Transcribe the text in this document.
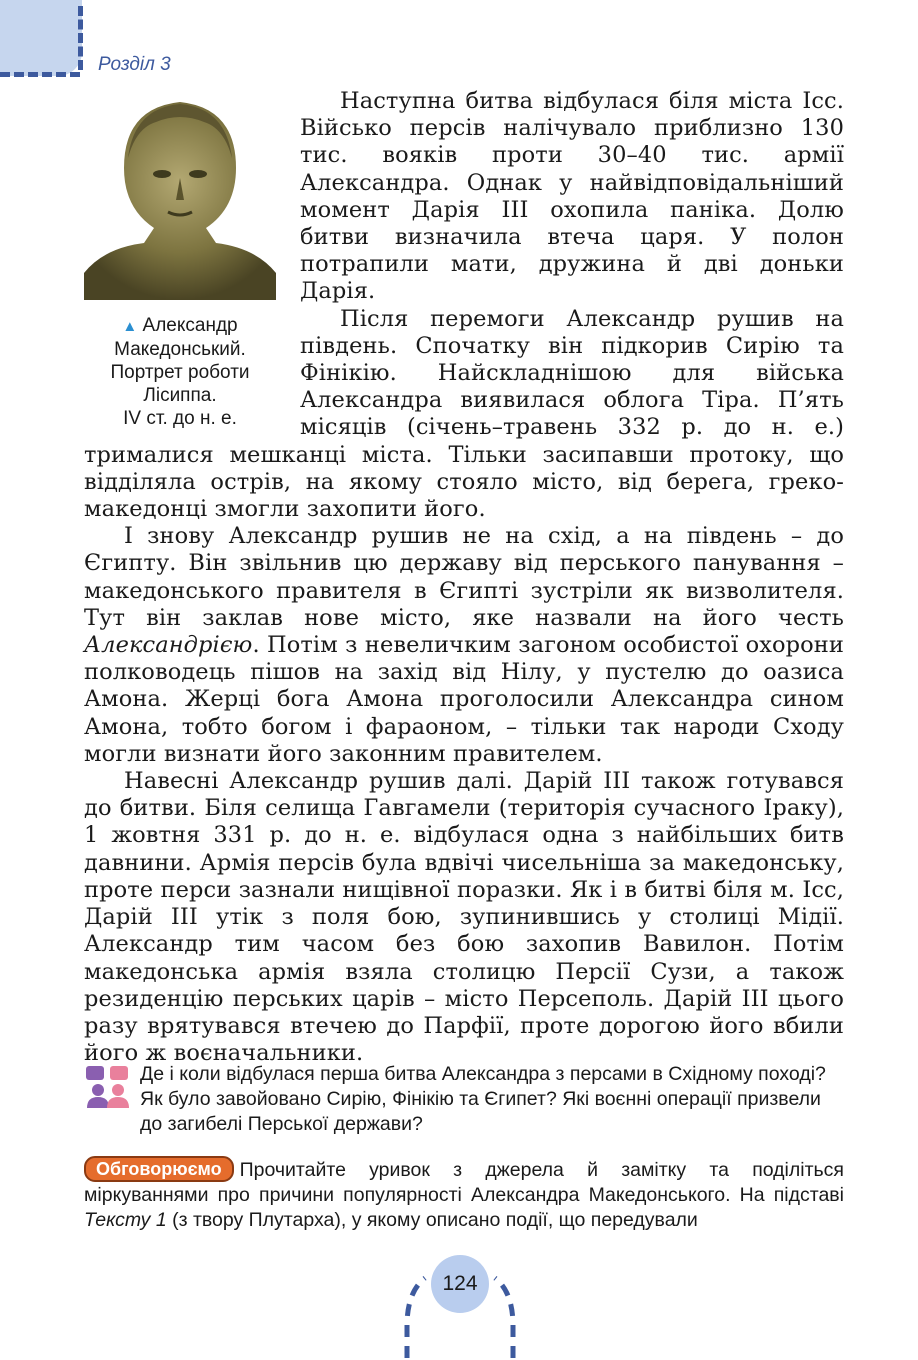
Розділ 3
▲ Александр
Македонський.
Портрет роботи
Лісиппа.
IV ст. до н. е.

Наступна битва відбулася біля міста Ісс. Військо персів налічувало приблизно 130 тис. вояків проти 30–40 тис. армії Александра. Однак у найвідповідальніший момент Дарія III охопила паніка. Долю битви визначила втеча царя. У полон потрапили мати, дружина й дві доньки Дарія.

Після перемоги Александр рушив на південь. Спочатку він підкорив Сирію та Фінікію. Найскладнішою для війська Александра виявилася облога Тіра. П’ять місяців (січень–травень 332 р. до н. е.) трималися мешканці міста. Тільки засипавши протоку, що відділяла острів, на якому стояло місто, від берега, греко-македонці змогли захопити його.

І знову Александр рушив не на схід, а на південь – до Єгипту. Він звільнив цю державу від перського панування – македонського правителя в Єгипті зустріли як визволителя. Тут він заклав нове місто, яке назвали на його честь Александрією. Потім з невеличким загоном особистої охорони полководець пішов на захід від Нілу, у пустелю до оазиса Амона. Жерці бога Амона проголосили Александра сином Амона, тобто богом і фараоном, – тільки так народи Сходу могли визнати його законним правителем.

Навесні Александр рушив далі. Дарій III також готувався до битви. Біля селища Гавгамели (територія сучасного Іраку), 1 жовтня 331 р. до н. е. відбулася одна з найбільших битв давнини. Армія персів була вдвічі чисельніша за македонську, проте перси зазнали нищівної поразки. Як і в битві біля м. Ісс, Дарій III утік з поля бою, зупинившись у столиці Мідії. Александр тим часом без бою захопив Вавилон. Потім македонська армія взяла столицю Персії Сузи, а також резиденцію перських царів – місто Персеполь. Дарій III цього разу врятувався втечею до Парфії, проте дорогою його вбили його ж воєначальники.

Де і коли відбулася перша битва Александра з персами в Східному поході? Як було завойовано Сирію, Фінікію та Єгипет? Які воєнні операції призвели до загибелі Перської держави?
Обговорюємо Прочитайте уривок з джерела й замітку та поділіться міркуваннями про причини популярності Александра Македонського. На підставі Тексту 1 (з твору Плутарха), у якому описано події, що передували
124
